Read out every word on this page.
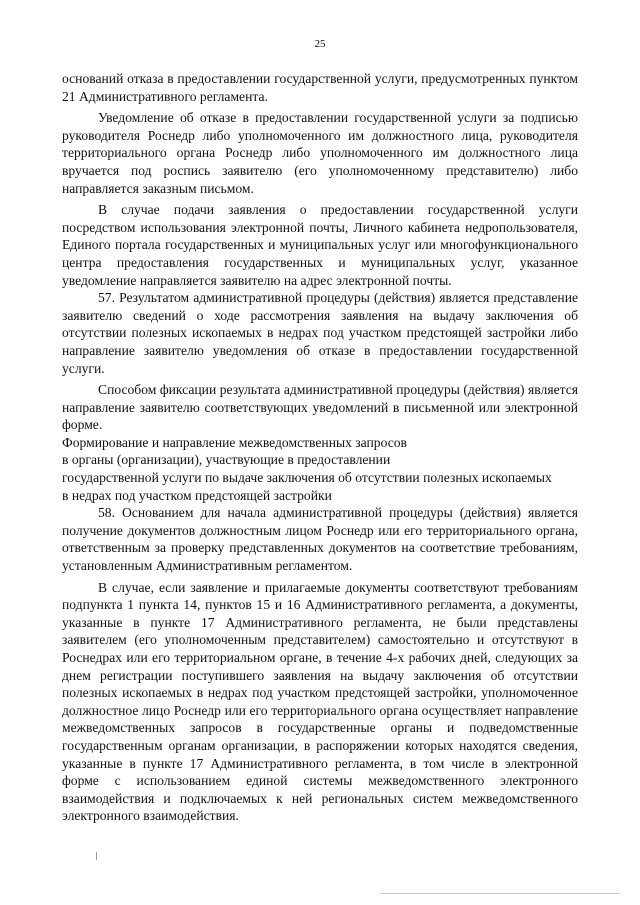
25

оснований отказа в предоставлении государственной услуги, предусмотренных пунктом 21 Административного регламента.

Уведомление об отказе в предоставлении государственной услуги за подписью руководителя Роснедр либо уполномоченного им должностного лица, руководителя территориального органа Роснедр либо уполномоченного им должностного лица вручается под роспись заявителю (его уполномоченному представителю) либо направляется заказным письмом.

В случае подачи заявления о предоставлении государственной услуги посредством использования электронной почты, Личного кабинета недропользователя, Единого портала государственных и муниципальных услуг или многофункционального центра предоставления государственных и муниципальных услуг, указанное уведомление направляется заявителю на адрес электронной почты.

57. Результатом административной процедуры (действия) является представление заявителю сведений о ходе рассмотрения заявления на выдачу заключения об отсутствии полезных ископаемых в недрах под участком предстоящей застройки либо направление заявителю уведомления об отказе в предоставлении государственной услуги.

Способом фиксации результата административной процедуры (действия) является направление заявителю соответствующих уведомлений в письменной или электронной форме.

Формирование и направление межведомственных запросов
в органы (организации), участвующие в предоставлении
государственной услуги по выдаче заключения об отсутствии полезных ископаемых
в недрах под участком предстоящей застройки

58. Основанием для начала административной процедуры (действия) является получение документов должностным лицом Роснедр или его территориального органа, ответственным за проверку представленных документов на соответствие требованиям, установленным Административным регламентом.

В случае, если заявление и прилагаемые документы соответствуют требованиям подпункта 1 пункта 14, пунктов 15 и 16 Административного регламента, а документы, указанные в пункте 17 Административного регламента, не были представлены заявителем (его уполномоченным представителем) самостоятельно и отсутствуют в Роснедрах или его территориальном органе, в течение 4-х рабочих дней, следующих за днем регистрации поступившего заявления на выдачу заключения об отсутствии полезных ископаемых в недрах под участком предстоящей застройки, уполномоченное должностное лицо Роснедр или его территориального органа осуществляет направление межведомственных запросов в государственные органы и подведомственные государственным органам организации, в распоряжении которых находятся сведения, указанные в пункте 17 Административного регламента, в том числе в электронной форме с использованием единой системы межведомственного электронного взаимодействия и подключаемых к ней региональных систем межведомственного электронного взаимодействия.
